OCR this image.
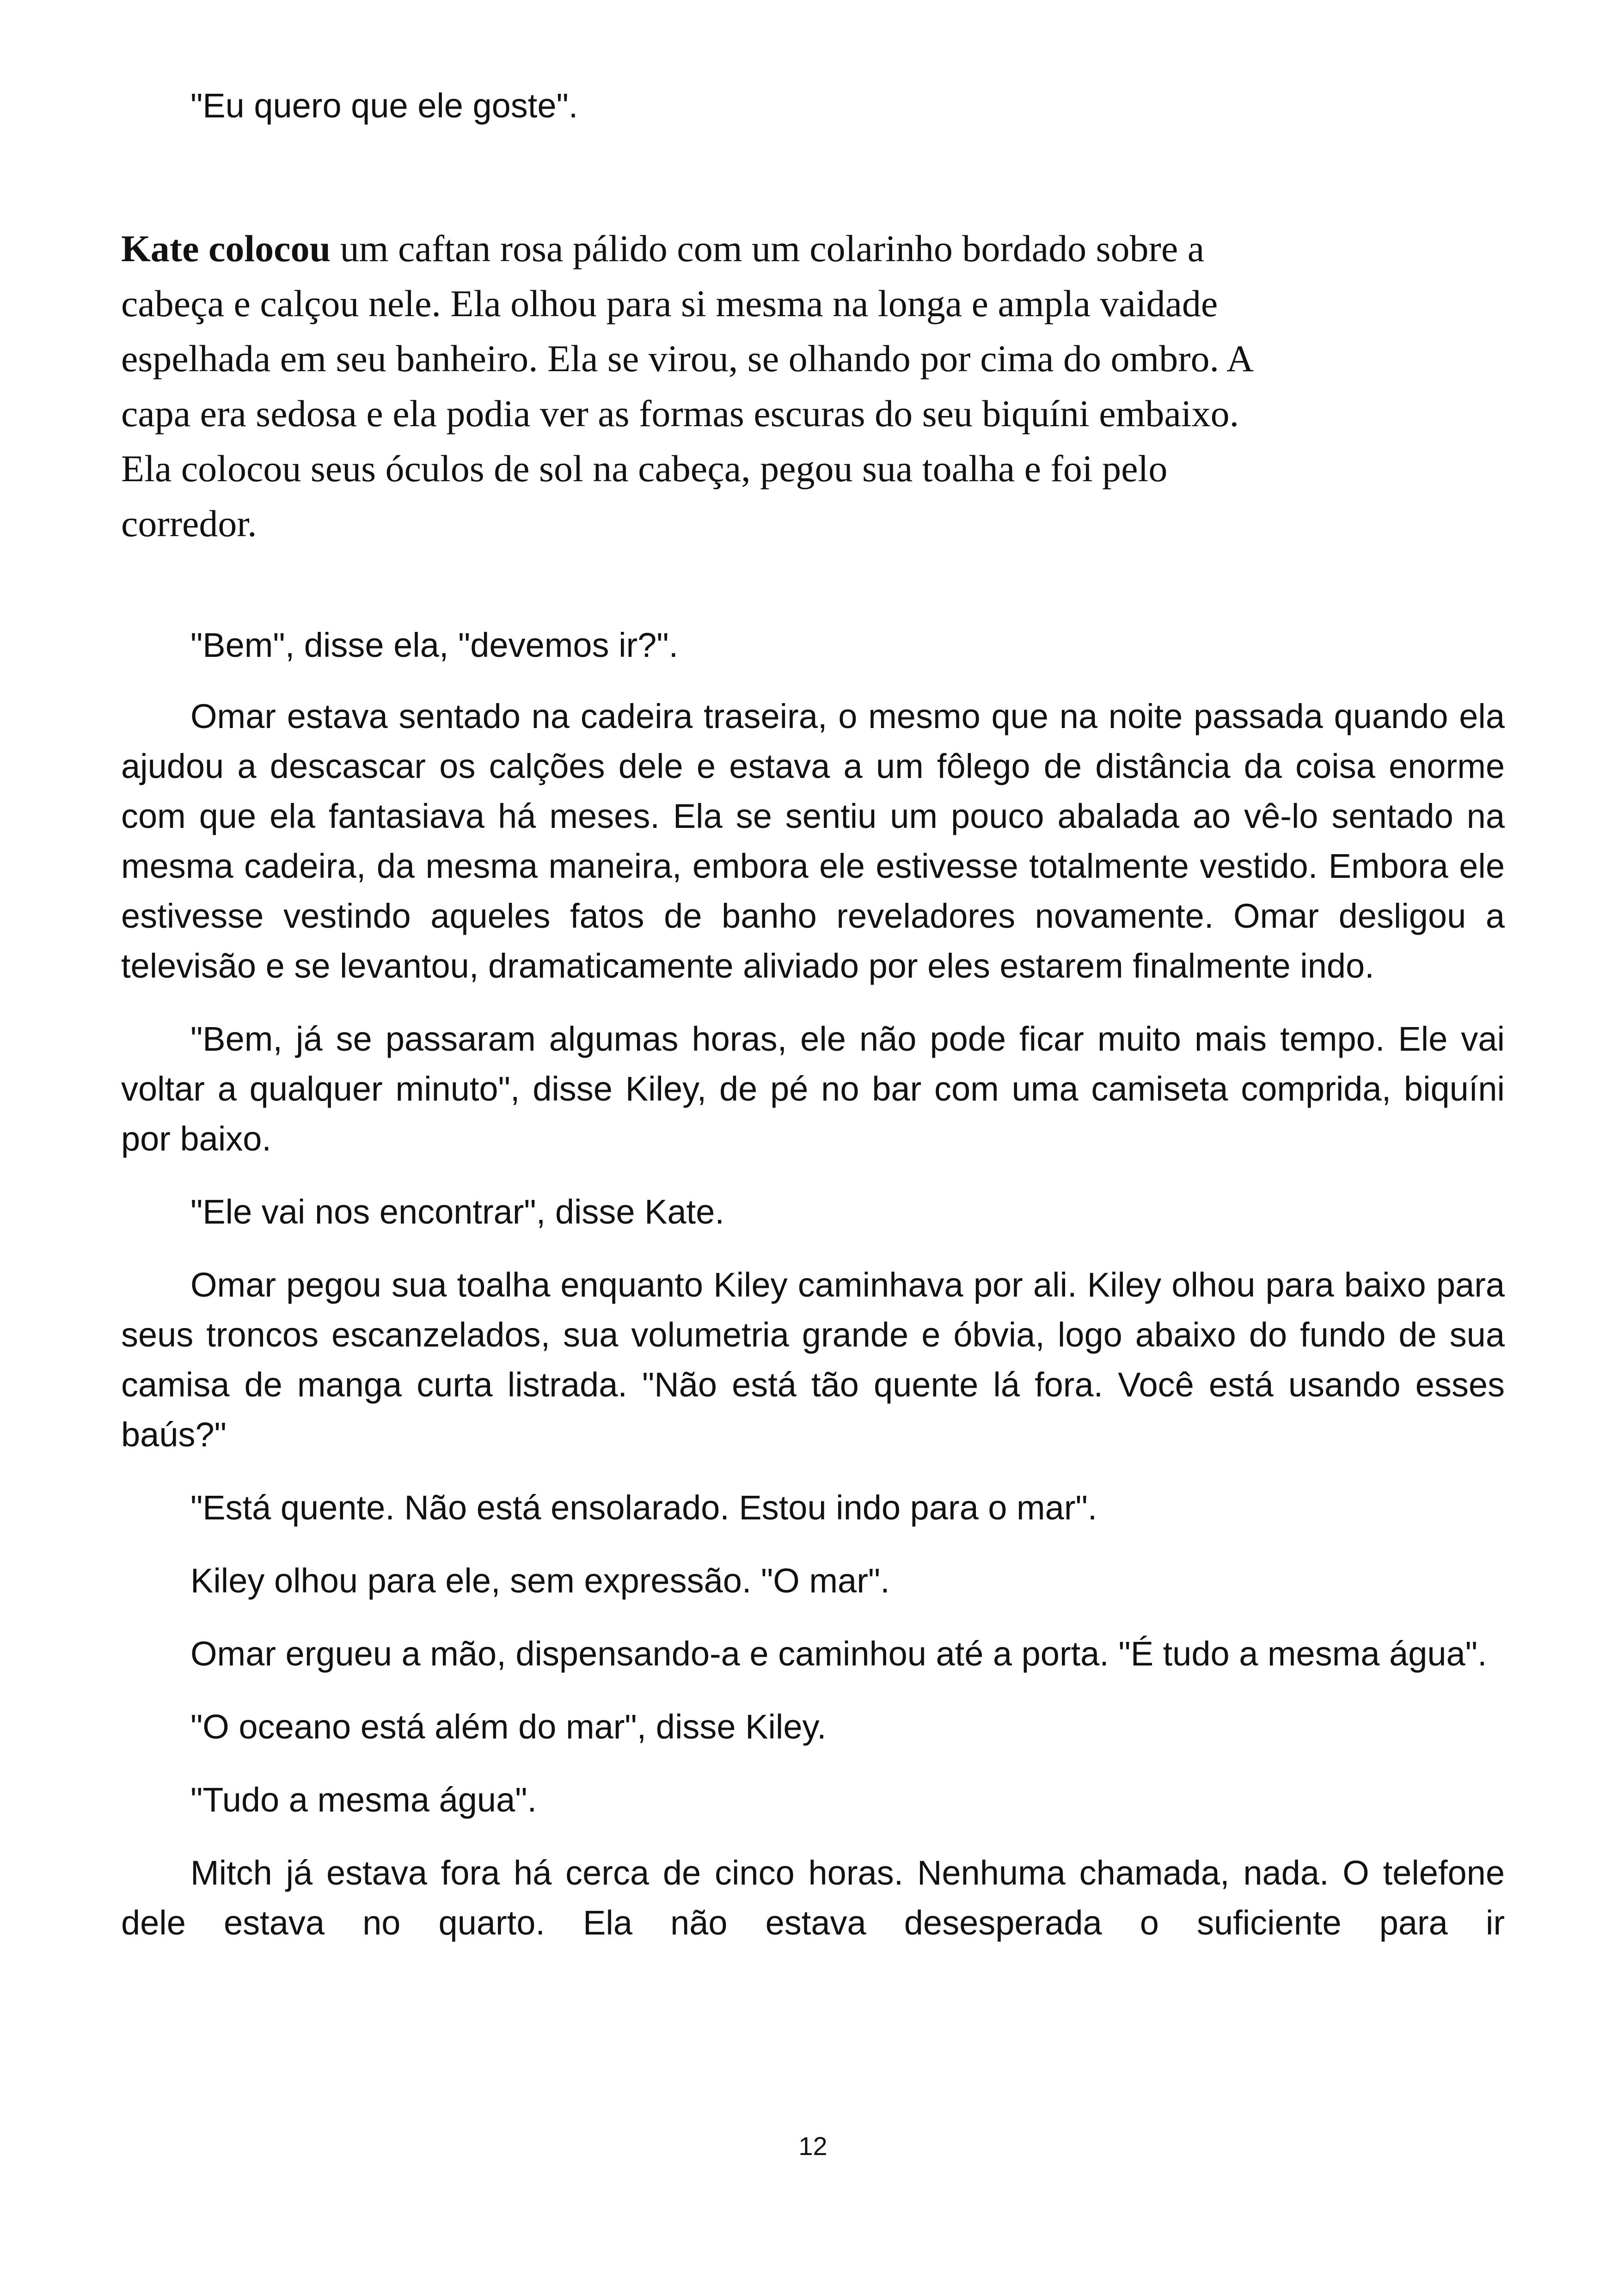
"Eu quero que ele goste".

Kate colocou um caftan rosa pálido com um colarinho bordado sobre a
cabeça e calçou nele. Ela olhou para si mesma na longa e ampla vaidade
espelhada em seu banheiro. Ela se virou, se olhando por cima do ombro. A
capa era sedosa e ela podia ver as formas escuras do seu biquíni embaixo.
Ela colocou seus óculos de sol na cabeça, pegou sua toalha e foi pelo
corredor.

"Bem", disse ela, "devemos ir?".

Omar estava sentado na cadeira traseira, o mesmo que na noite passada quando ela ajudou a descascar os calções dele e estava a um fôlego de distância da coisa enorme com que ela fantasiava há meses. Ela se sentiu um pouco abalada ao vê-lo sentado na mesma cadeira, da mesma maneira, embora ele estivesse totalmente vestido. Embora ele estivesse vestindo aqueles fatos de banho reveladores novamente. Omar desligou a televisão e se levantou, dramaticamente aliviado por eles estarem finalmente indo.

"Bem, já se passaram algumas horas, ele não pode ficar muito mais tempo. Ele vai voltar a qualquer minuto", disse Kiley, de pé no bar com uma camiseta comprida, biquíni por baixo.

"Ele vai nos encontrar", disse Kate.

Omar pegou sua toalha enquanto Kiley caminhava por ali. Kiley olhou para baixo para seus troncos escanzelados, sua volumetria grande e óbvia, logo abaixo do fundo de sua camisa de manga curta listrada. "Não está tão quente lá fora. Você está usando esses baús?"

"Está quente. Não está ensolarado. Estou indo para o mar".

Kiley olhou para ele, sem expressão. "O mar".

Omar ergueu a mão, dispensando-a e caminhou até a porta. "É tudo a mesma água".

"O oceano está além do mar", disse Kiley.

"Tudo a mesma água".

Mitch já estava fora há cerca de cinco horas. Nenhuma chamada, nada. O telefone dele estava no quarto. Ela não estava desesperada o suficiente para ir

12
